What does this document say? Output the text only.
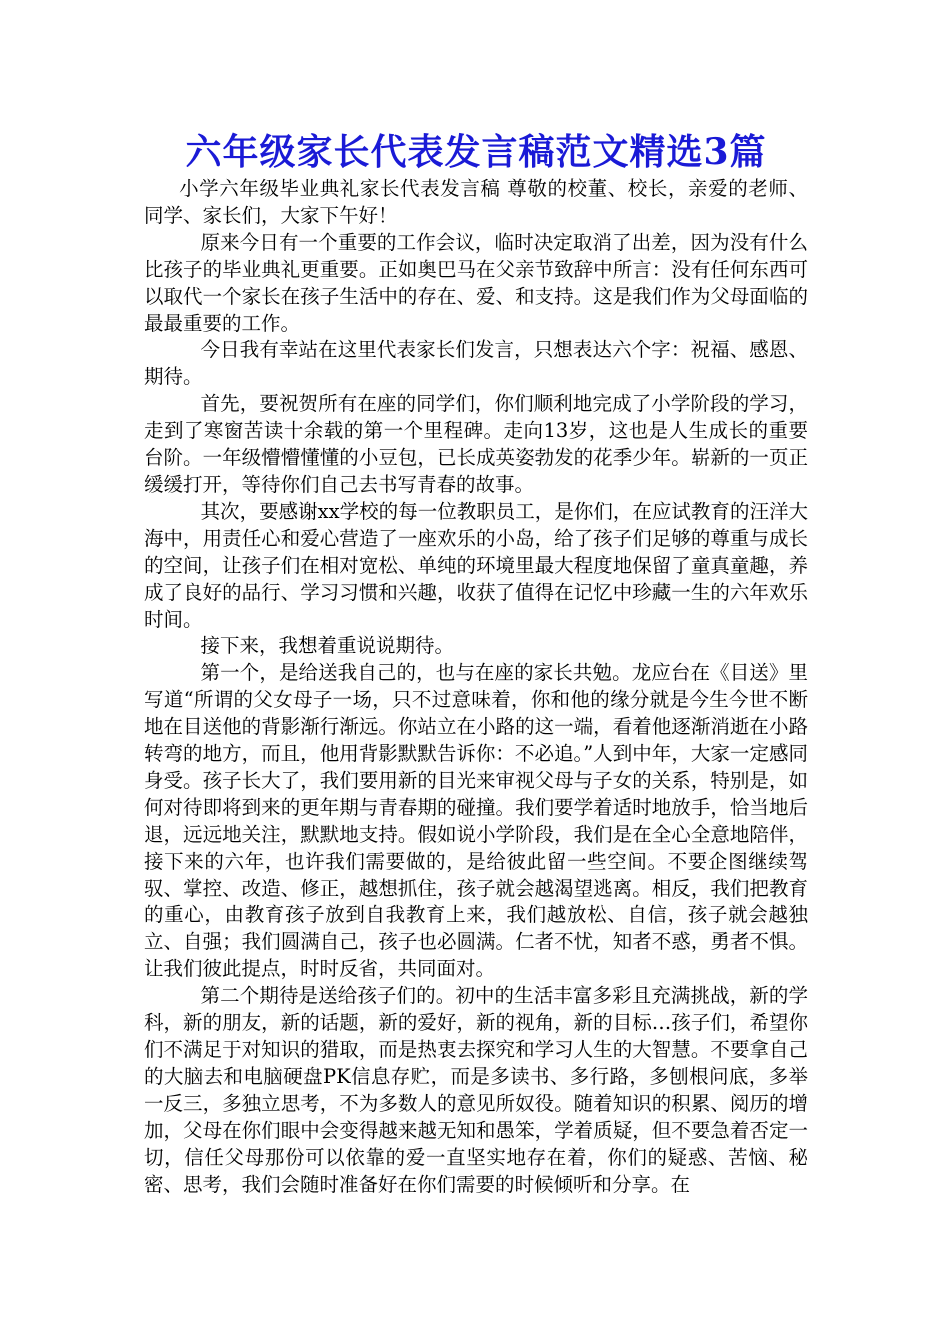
六年级家长代表发言稿范文精选3篇

小学六年级毕业典礼家长代表发言稿 尊敬的校董、校长，亲爱的老师、同学、家长们，大家下午好！

原来今日有一个重要的工作会议，临时决定取消了出差，因为没有什么比孩子的毕业典礼更重要。正如奥巴马在父亲节致辞中所言：没有任何东西可以取代一个家长在孩子生活中的存在、爱、和支持。这是我们作为父母面临的最最重要的工作。

今日我有幸站在这里代表家长们发言，只想表达六个字：祝福、感恩、期待。

首先，要祝贺所有在座的同学们，你们顺利地完成了小学阶段的学习，走到了寒窗苦读十余载的第一个里程碑。走向13岁，这也是人生成长的重要台阶。一年级懵懵懂懂的小豆包，已长成英姿勃发的花季少年。崭新的一页正缓缓打开，等待你们自己去书写青春的故事。

其次，要感谢xx学校的每一位教职员工，是你们，在应试教育的汪洋大海中，用责任心和爱心营造了一座欢乐的小岛，给了孩子们足够的尊重与成长的空间，让孩子们在相对宽松、单纯的环境里最大程度地保留了童真童趣，养成了良好的品行、学习习惯和兴趣，收获了值得在记忆中珍藏一生的六年欢乐时间。

接下来，我想着重说说期待。

第一个，是给送我自己的，也与在座的家长共勉。龙应台在《目送》里写道“所谓的父女母子一场，只不过意味着，你和他的缘分就是今生今世不断地在目送他的背影渐行渐远。你站立在小路的这一端，看着他逐渐消逝在小路转弯的地方，而且，他用背影默默告诉你：不必追。”人到中年，大家一定感同身受。孩子长大了，我们要用新的目光来审视父母与子女的关系，特别是，如何对待即将到来的更年期与青春期的碰撞。我们要学着适时地放手，恰当地后退，远远地关注，默默地支持。假如说小学阶段，我们是在全心全意地陪伴，接下来的六年，也许我们需要做的，是给彼此留一些空间。不要企图继续驾驭、掌控、改造、修正，越想抓住，孩子就会越渴望逃离。相反，我们把教育的重心，由教育孩子放到自我教育上来，我们越放松、自信，孩子就会越独立、自强；我们圆满自己，孩子也必圆满。仁者不忧，知者不惑，勇者不惧。让我们彼此提点，时时反省，共同面对。

第二个期待是送给孩子们的。初中的生活丰富多彩且充满挑战，新的学科，新的朋友，新的话题，新的爱好，新的视角，新的目标…孩子们，希望你们不满足于对知识的猎取，而是热衷去探究和学习人生的大智慧。不要拿自己的大脑去和电脑硬盘PK信息存贮，而是多读书、多行路，多刨根问底，多举一反三，多独立思考，不为多数人的意见所奴役。随着知识的积累、阅历的增加，父母在你们眼中会变得越来越无知和愚笨，学着质疑，但不要急着否定一切，信任父母那份可以依靠的爱一直坚实地存在着，你们的疑惑、苦恼、秘密、思考，我们会随时准备好在你们需要的时候倾听和分享。在
